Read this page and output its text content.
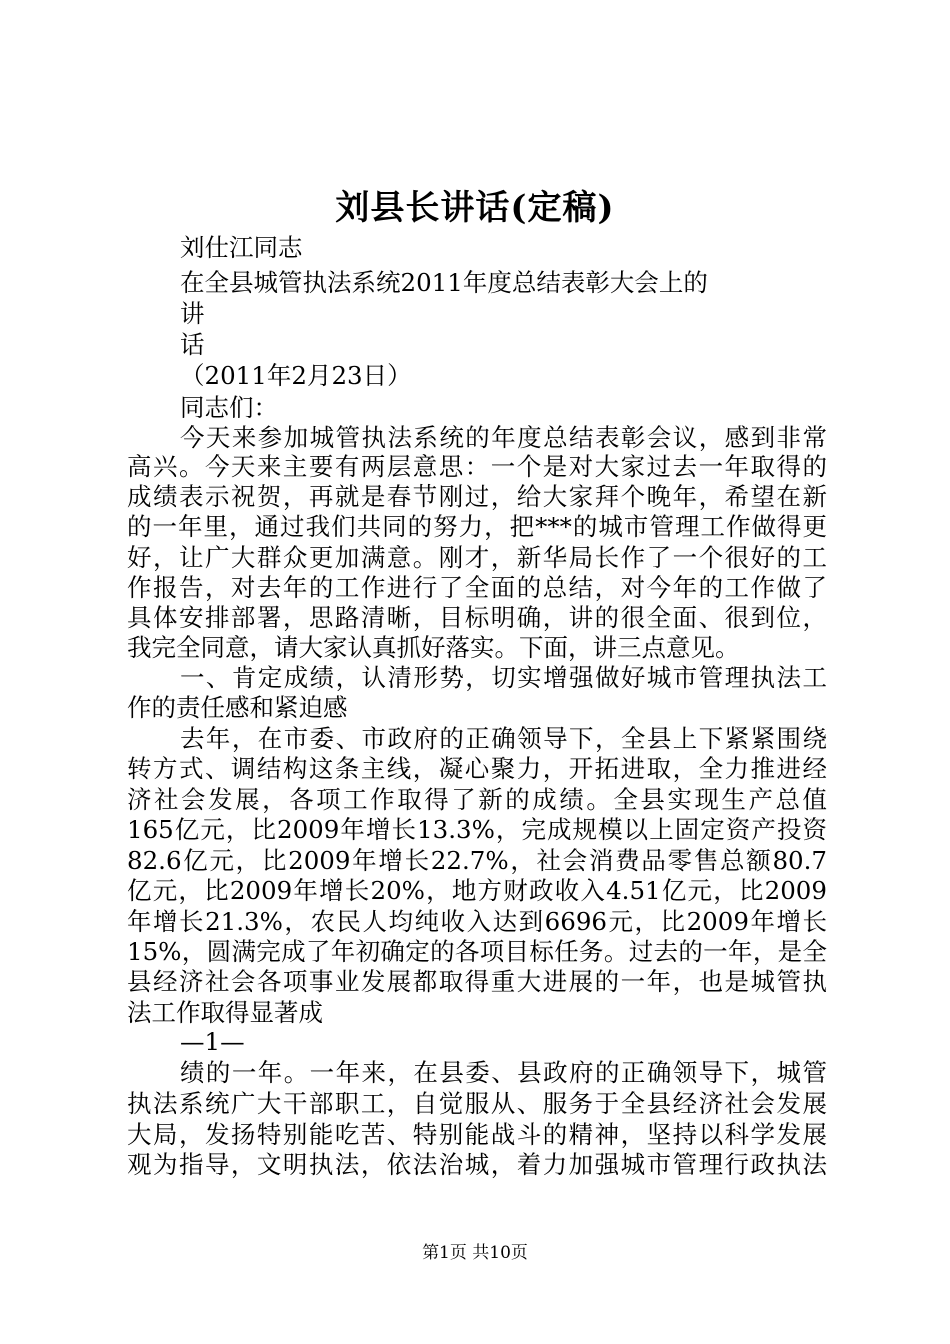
刘县长讲话(定稿)
刘仕江同志
在全县城管执法系统2011年度总结表彰大会上的
讲
话
（2011年2月23日）
同志们：
今天来参加城管执法系统的年度总结表彰会议，感到非常
高兴。今天来主要有两层意思：一个是对大家过去一年取得的
成绩表示祝贺，再就是春节刚过，给大家拜个晚年，希望在新
的一年里，通过我们共同的努力，把***的城市管理工作做得更
好，让广大群众更加满意。刚才，新华局长作了一个很好的工
作报告，对去年的工作进行了全面的总结，对今年的工作做了
具体安排部署，思路清晰，目标明确，讲的很全面、很到位，
我完全同意，请大家认真抓好落实。下面，讲三点意见。
一、肯定成绩，认清形势，切实增强做好城市管理执法工
作的责任感和紧迫感
去年，在市委、市政府的正确领导下，全县上下紧紧围绕
转方式、调结构这条主线，凝心聚力，开拓进取，全力推进经
济社会发展，各项工作取得了新的成绩。全县实现生产总值
165亿元，比2009年增长13.3%，完成规模以上固定资产投资
82.6亿元，比2009年增长22.7%，社会消费品零售总额80.7
亿元，比2009年增长20%，地方财政收入4.51亿元，比2009
年增长21.3%，农民人均纯收入达到6696元，比2009年增长
15%，圆满完成了年初确定的各项目标任务。过去的一年，是全
县经济社会各项事业发展都取得重大进展的一年，也是城管执
法工作取得显著成
—1—
绩的一年。一年来，在县委、县政府的正确领导下，城管
执法系统广大干部职工，自觉服从、服务于全县经济社会发展
大局，发扬特别能吃苦、特别能战斗的精神，坚持以科学发展
观为指导，文明执法，依法治城，着力加强城市管理行政执法
第1页 共10页
